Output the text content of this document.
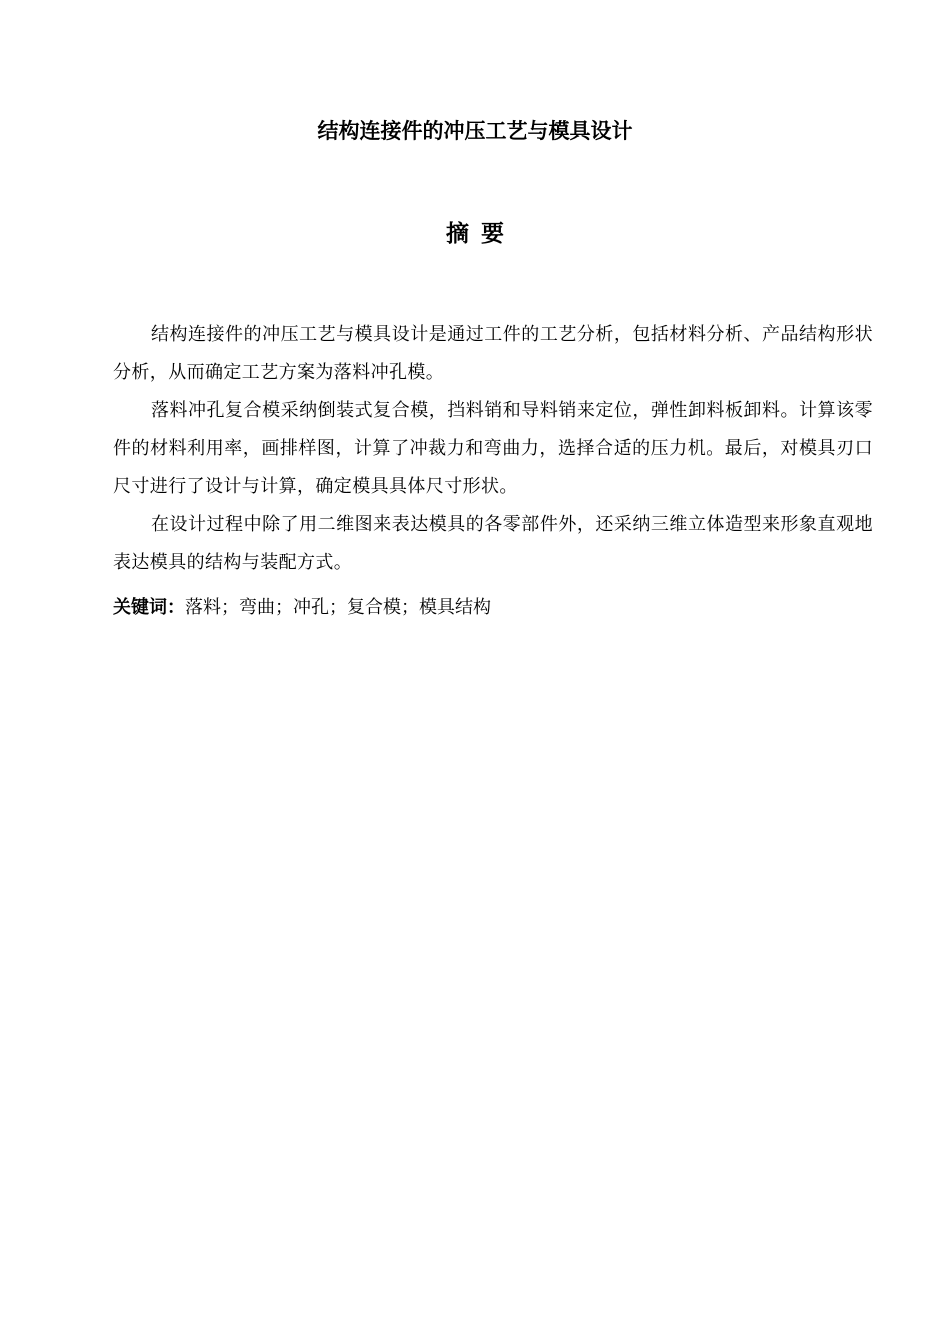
结构连接件的冲压工艺与模具设计
摘要

结构连接件的冲压工艺与模具设计是通过工件的工艺分析，包括材料分析、产品结构形状分析，从而确定工艺方案为落料冲孔模。

落料冲孔复合模采纳倒装式复合模，挡料销和导料销来定位，弹性卸料板卸料。计算该零件的材料利用率，画排样图，计算了冲裁力和弯曲力，选择合适的压力机。最后，对模具刃口尺寸进行了设计与计算，确定模具具体尺寸形状。

在设计过程中除了用二维图来表达模具的各零部件外，还采纳三维立体造型来形象直观地表达模具的结构与装配方式。

关键词：落料；弯曲；冲孔；复合模；模具结构
